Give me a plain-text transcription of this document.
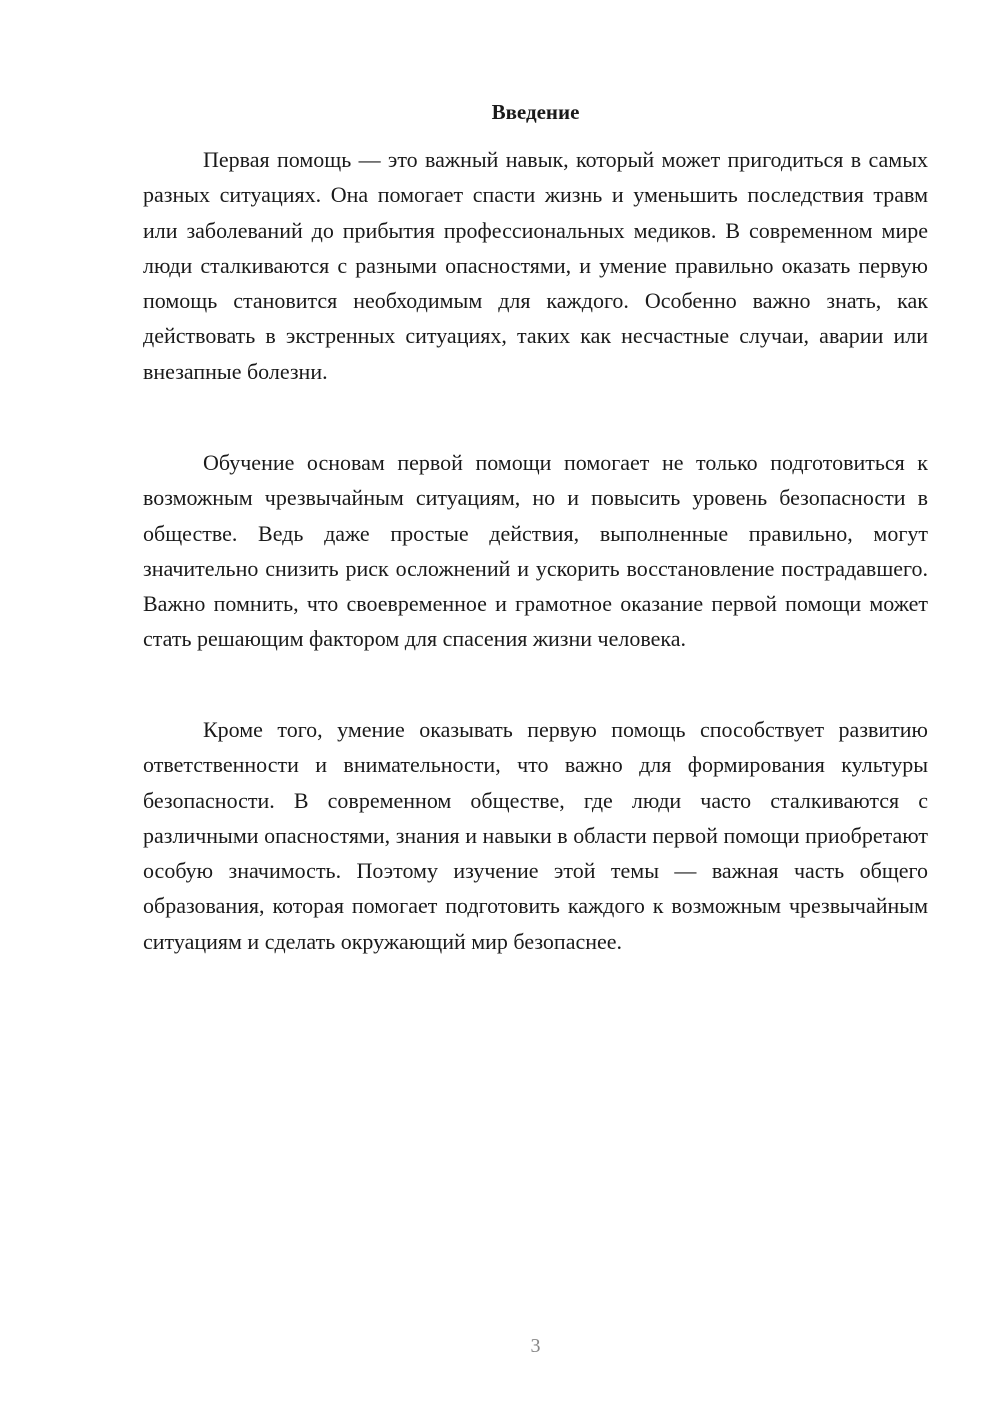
Введение

Первая помощь — это важный навык, который может пригодиться в самых разных ситуациях. Она помогает спасти жизнь и уменьшить последствия травм или заболеваний до прибытия профессиональных медиков. В современном мире люди сталкиваются с разными опасностями, и умение правильно оказать первую помощь становится необходимым для каждого. Особенно важно знать, как действовать в экстренных ситуациях, таких как несчастные случаи, аварии или внезапные болезни.

Обучение основам первой помощи помогает не только подготовиться к возможным чрезвычайным ситуациям, но и повысить уровень безопасности в обществе. Ведь даже простые действия, выполненные правильно, могут значительно снизить риск осложнений и ускорить восстановление пострадавшего. Важно помнить, что своевременное и грамотное оказание первой помощи может стать решающим фактором для спасения жизни человека.

Кроме того, умение оказывать первую помощь способствует развитию ответственности и внимательности, что важно для формирования культуры безопасности. В современном обществе, где люди часто сталкиваются с различными опасностями, знания и навыки в области первой помощи приобретают особую значимость. Поэтому изучение этой темы — важная часть общего образования, которая помогает подготовить каждого к возможным чрезвычайным ситуациям и сделать окружающий мир безопаснее.

3
